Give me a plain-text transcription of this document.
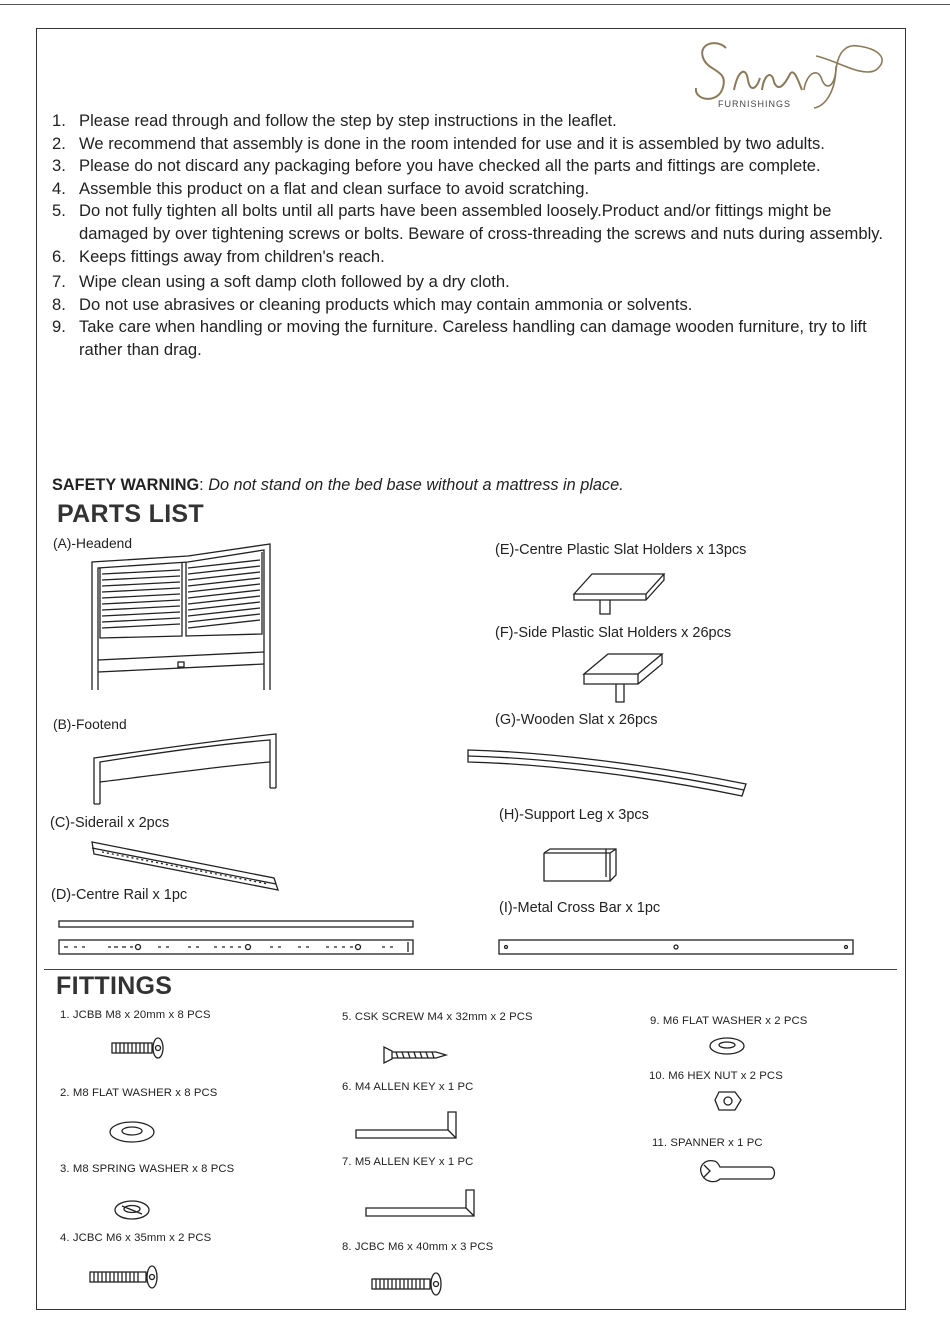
FURNISHINGS
1. Please read through and follow the step by step instructions in the leaflet.
2. We recommend that assembly is done in the room intended for use and it is assembled by two adults.
3. Please do not discard any packaging before you have checked all the parts and fittings are complete.
4. Assemble this product on a flat and clean surface to avoid scratching.
5. Do not fully tighten all bolts until all parts have been assembled loosely.Product and/or fittings might be damaged by over tightening screws or bolts. Beware of cross-threading the screws and nuts during assembly.
6. Keeps fittings away from children's reach.
7. Wipe clean using a soft damp cloth followed by a dry cloth.
8. Do not use abrasives or cleaning products which may contain ammonia or solvents.
9. Take care when handling or moving the furniture. Careless handling can damage wooden furniture, try to lift rather than drag.
SAFETY WARNING: Do not stand on the bed base without a mattress in place.
PARTS LIST
(A)-Headend
(B)-Footend
(C)-Siderail x 2pcs
(D)-Centre Rail x 1pc
(E)-Centre Plastic Slat Holders x 13pcs
(F)-Side Plastic Slat Holders x 26pcs
(G)-Wooden Slat x 26pcs
(H)-Support Leg x 3pcs
(I)-Metal Cross Bar x 1pc
FITTINGS
1. JCBB M8 x 20mm x 8 PCS
2. M8 FLAT WASHER x 8 PCS
3. M8 SPRING WASHER x 8 PCS
4. JCBC M6 x 35mm x 2 PCS
5. CSK SCREW M4 x 32mm x 2 PCS
6. M4 ALLEN KEY x 1 PC
7. M5 ALLEN KEY x 1 PC
8. JCBC M6 x 40mm x 3 PCS
9. M6 FLAT WASHER x 2 PCS
10. M6 HEX NUT x 2 PCS
11. SPANNER x 1 PC
